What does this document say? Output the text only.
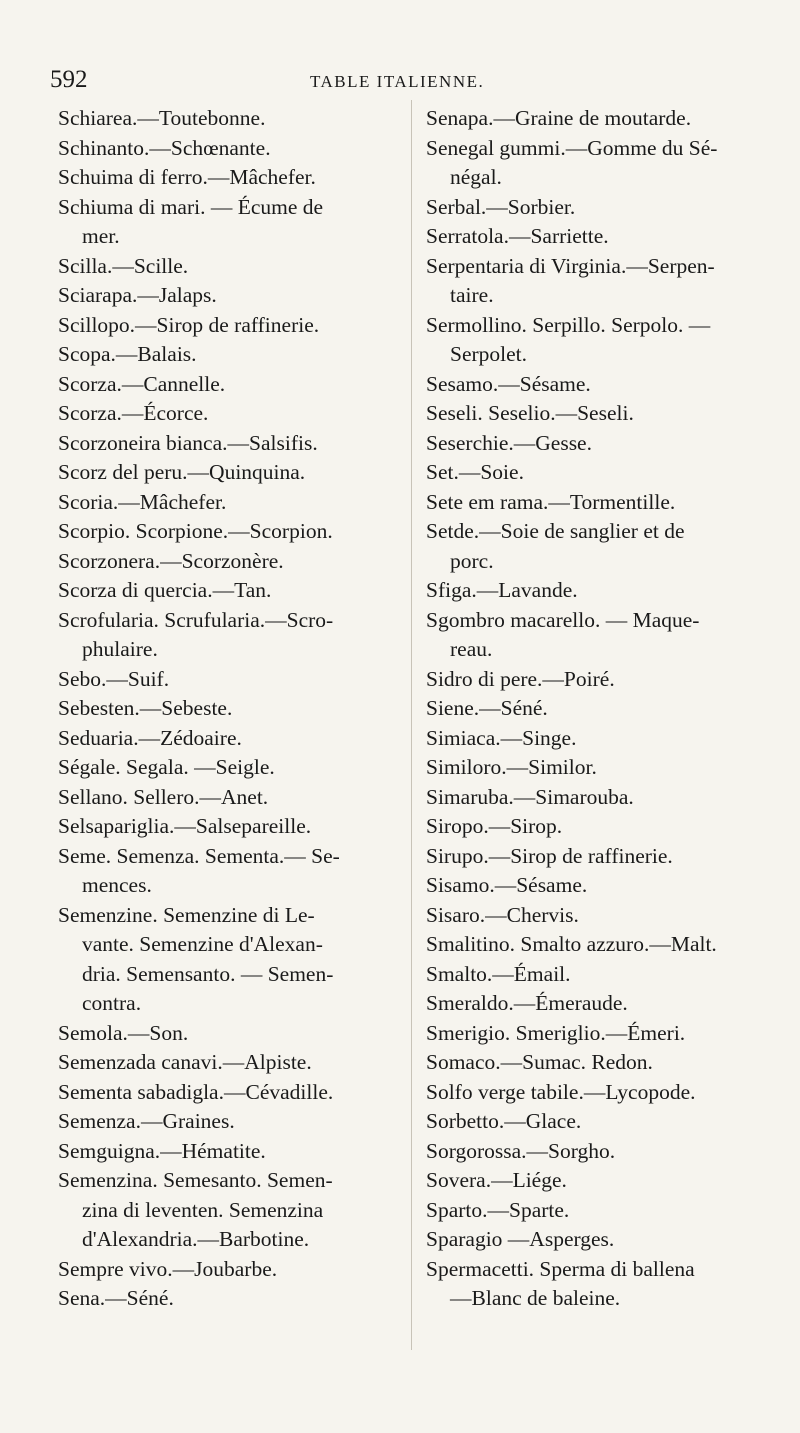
592	TABLE ITALIENNE.
Schiarea.—Toutebonne.
Schinanto.—Schœnante.
Schuima di ferro.—Mâchefer.
Schiuma di mari. — Écume de
mer.
Scilla.—Scille.
Sciarapa.—Jalaps.
Scillopo.—Sirop de raffinerie.
Scopa.—Balais.
Scorza.—Cannelle.
Scorza.—Écorce.
Scorzoneira bianca.—Salsifis.
Scorz del peru.—Quinquina.
Scoria.—Mâchefer.
Scorpio. Scorpione.—Scorpion.
Scorzonera.—Scorzonère.
Scorza di quercia.—Tan.
Scrofularia. Scrufularia.—Scro-
phulaire.
Sebo.—Suif.
Sebesten.—Sebeste.
Seduaria.—Zédoaire.
Ségale. Segala. —Seigle.
Sellano. Sellero.—Anet.
Selsapariglia.—Salsepareille.
Seme. Semenza. Sementa.— Se-
mences.
Semenzine. Semenzine di Le-
vante. Semenzine d'Alexan-
dria. Semensanto. — Semen-
contra.
Semola.—Son.
Semenzada canavi.—Alpiste.
Sementa sabadigla.—Cévadille.
Semenza.—Graines.
Semguigna.—Hématite.
Semenzina. Semesanto. Semen-
zina di leventen. Semenzina
d'Alexandria.—Barbotine.
Sempre vivo.—Joubarbe.
Sena.—Séné.
Senapa.—Graine de moutarde.
Senegal gummi.—Gomme du Sé-
négal.
Serbal.—Sorbier.
Serratola.—Sarriette.
Serpentaria di Virginia.—Serpen-
taire.
Sermollino. Serpillo. Serpolo. —
Serpolet.
Sesamo.—Sésame.
Seseli. Seselio.—Seseli.
Seserchie.—Gesse.
Set.—Soie.
Sete em rama.—Tormentille.
Setde.—Soie de sanglier et de
porc.
Sfiga.—Lavande.
Sgombro macarello. — Maque-
reau.
Sidro di pere.—Poiré.
Siene.—Séné.
Simiaca.—Singe.
Similoro.—Similor.
Simaruba.—Simarouba.
Siropo.—Sirop.
Sirupo.—Sirop de raffinerie.
Sisamo.—Sésame.
Sisaro.—Chervis.
Smalitino. Smalto azzuro.—Malt.
Smalto.—Émail.
Smeraldo.—Émeraude.
Smerigio. Smeriglio.—Émeri.
Somaco.—Sumac. Redon.
Solfo verge tabile.—Lycopode.
Sorbetto.—Glace.
Sorgorossa.—Sorgho.
Sovera.—Liége.
Sparto.—Sparte.
Sparagio —Asperges.
Spermacetti. Sperma di ballena
—Blanc de baleine.
